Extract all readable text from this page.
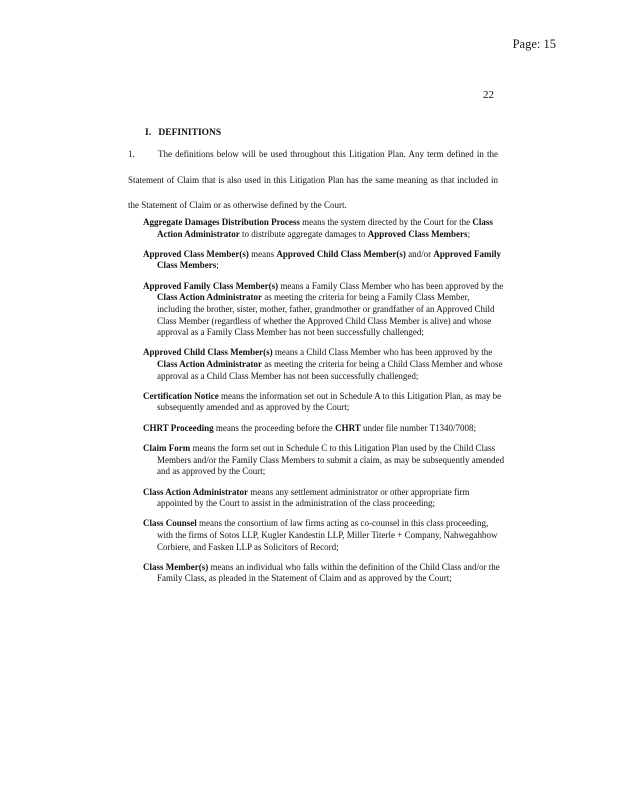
Page: 15
22
I. DEFINITIONS
1.	The definitions below will be used throughout this Litigation Plan. Any term defined in the Statement of Claim that is also used in this Litigation Plan has the same meaning as that included in the Statement of Claim or as otherwise defined by the Court.

Aggregate Damages Distribution Process means the system directed by the Court for the Class Action Administrator to distribute aggregate damages to Approved Class Members;

Approved Class Member(s) means Approved Child Class Member(s) and/or Approved Family Class Members;

Approved Family Class Member(s) means a Family Class Member who has been approved by the Class Action Administrator as meeting the criteria for being a Family Class Member, including the brother, sister, mother, father, grandmother or grandfather of an Approved Child Class Member (regardless of whether the Approved Child Class Member is alive) and whose approval as a Family Class Member has not been successfully challenged;

Approved Child Class Member(s) means a Child Class Member who has been approved by the Class Action Administrator as meeting the criteria for being a Child Class Member and whose approval as a Child Class Member has not been successfully challenged;

Certification Notice means the information set out in Schedule A to this Litigation Plan, as may be subsequently amended and as approved by the Court;

CHRT Proceeding means the proceeding before the CHRT under file number T1340/7008;

Claim Form means the form set out in Schedule C to this Litigation Plan used by the Child Class Members and/or the Family Class Members to submit a claim, as may be subsequently amended and as approved by the Court;

Class Action Administrator means any settlement administrator or other appropriate firm appointed by the Court to assist in the administration of the class proceeding;

Class Counsel means the consortium of law firms acting as co-counsel in this class proceeding, with the firms of Sotos LLP, Kugler Kandestin LLP, Miller Titerle + Company, Nahwegahbow Corbiere, and Fasken LLP as Solicitors of Record;

Class Member(s) means an individual who falls within the definition of the Child Class and/or the Family Class, as pleaded in the Statement of Claim and as approved by the Court;
